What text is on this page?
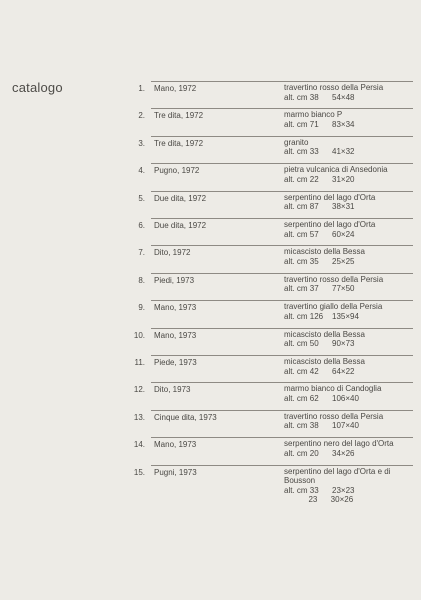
catalogo	1. Mano, 1972	travertino rosso della Persia
alt. cm 38      54×48
2. Tre dita, 1972	marmo bianco P
alt. cm 71      83×34
3. Tre dita, 1972	granito
alt. cm 33      41×32
4. Pugno, 1972	pietra vulcanica di Ansedonia
alt. cm 22      31×20
5. Due dita, 1972	serpentino del lago d'Orta
alt. cm 87      38×31
6. Due dita, 1972	serpentino del lago d'Orta
alt. cm 57      60×24
7. Dito, 1972	micascisto della Bessa
alt. cm 35      25×25
8. Piedi, 1973	travertino rosso della Persia
alt. cm 37      77×50
9. Mano, 1973	travertino giallo della Persia
alt. cm 126    135×94
10. Mano, 1973	micascisto della Bessa
alt. cm 50      90×73
11. Piede, 1973	micascisto della Bessa
alt. cm 42      64×22
12. Dito, 1973	marmo bianco di Candoglia
alt. cm 62      106×40
13. Cinque dita, 1973	travertino rosso della Persia
alt. cm 38      107×40
14. Mano, 1973	serpentino nero del lago d'Orta
alt. cm 20      34×26
15. Pugni, 1973	serpentino del lago d'Orta e di
Bousson
alt. cm 33      23×23
23      30×26
